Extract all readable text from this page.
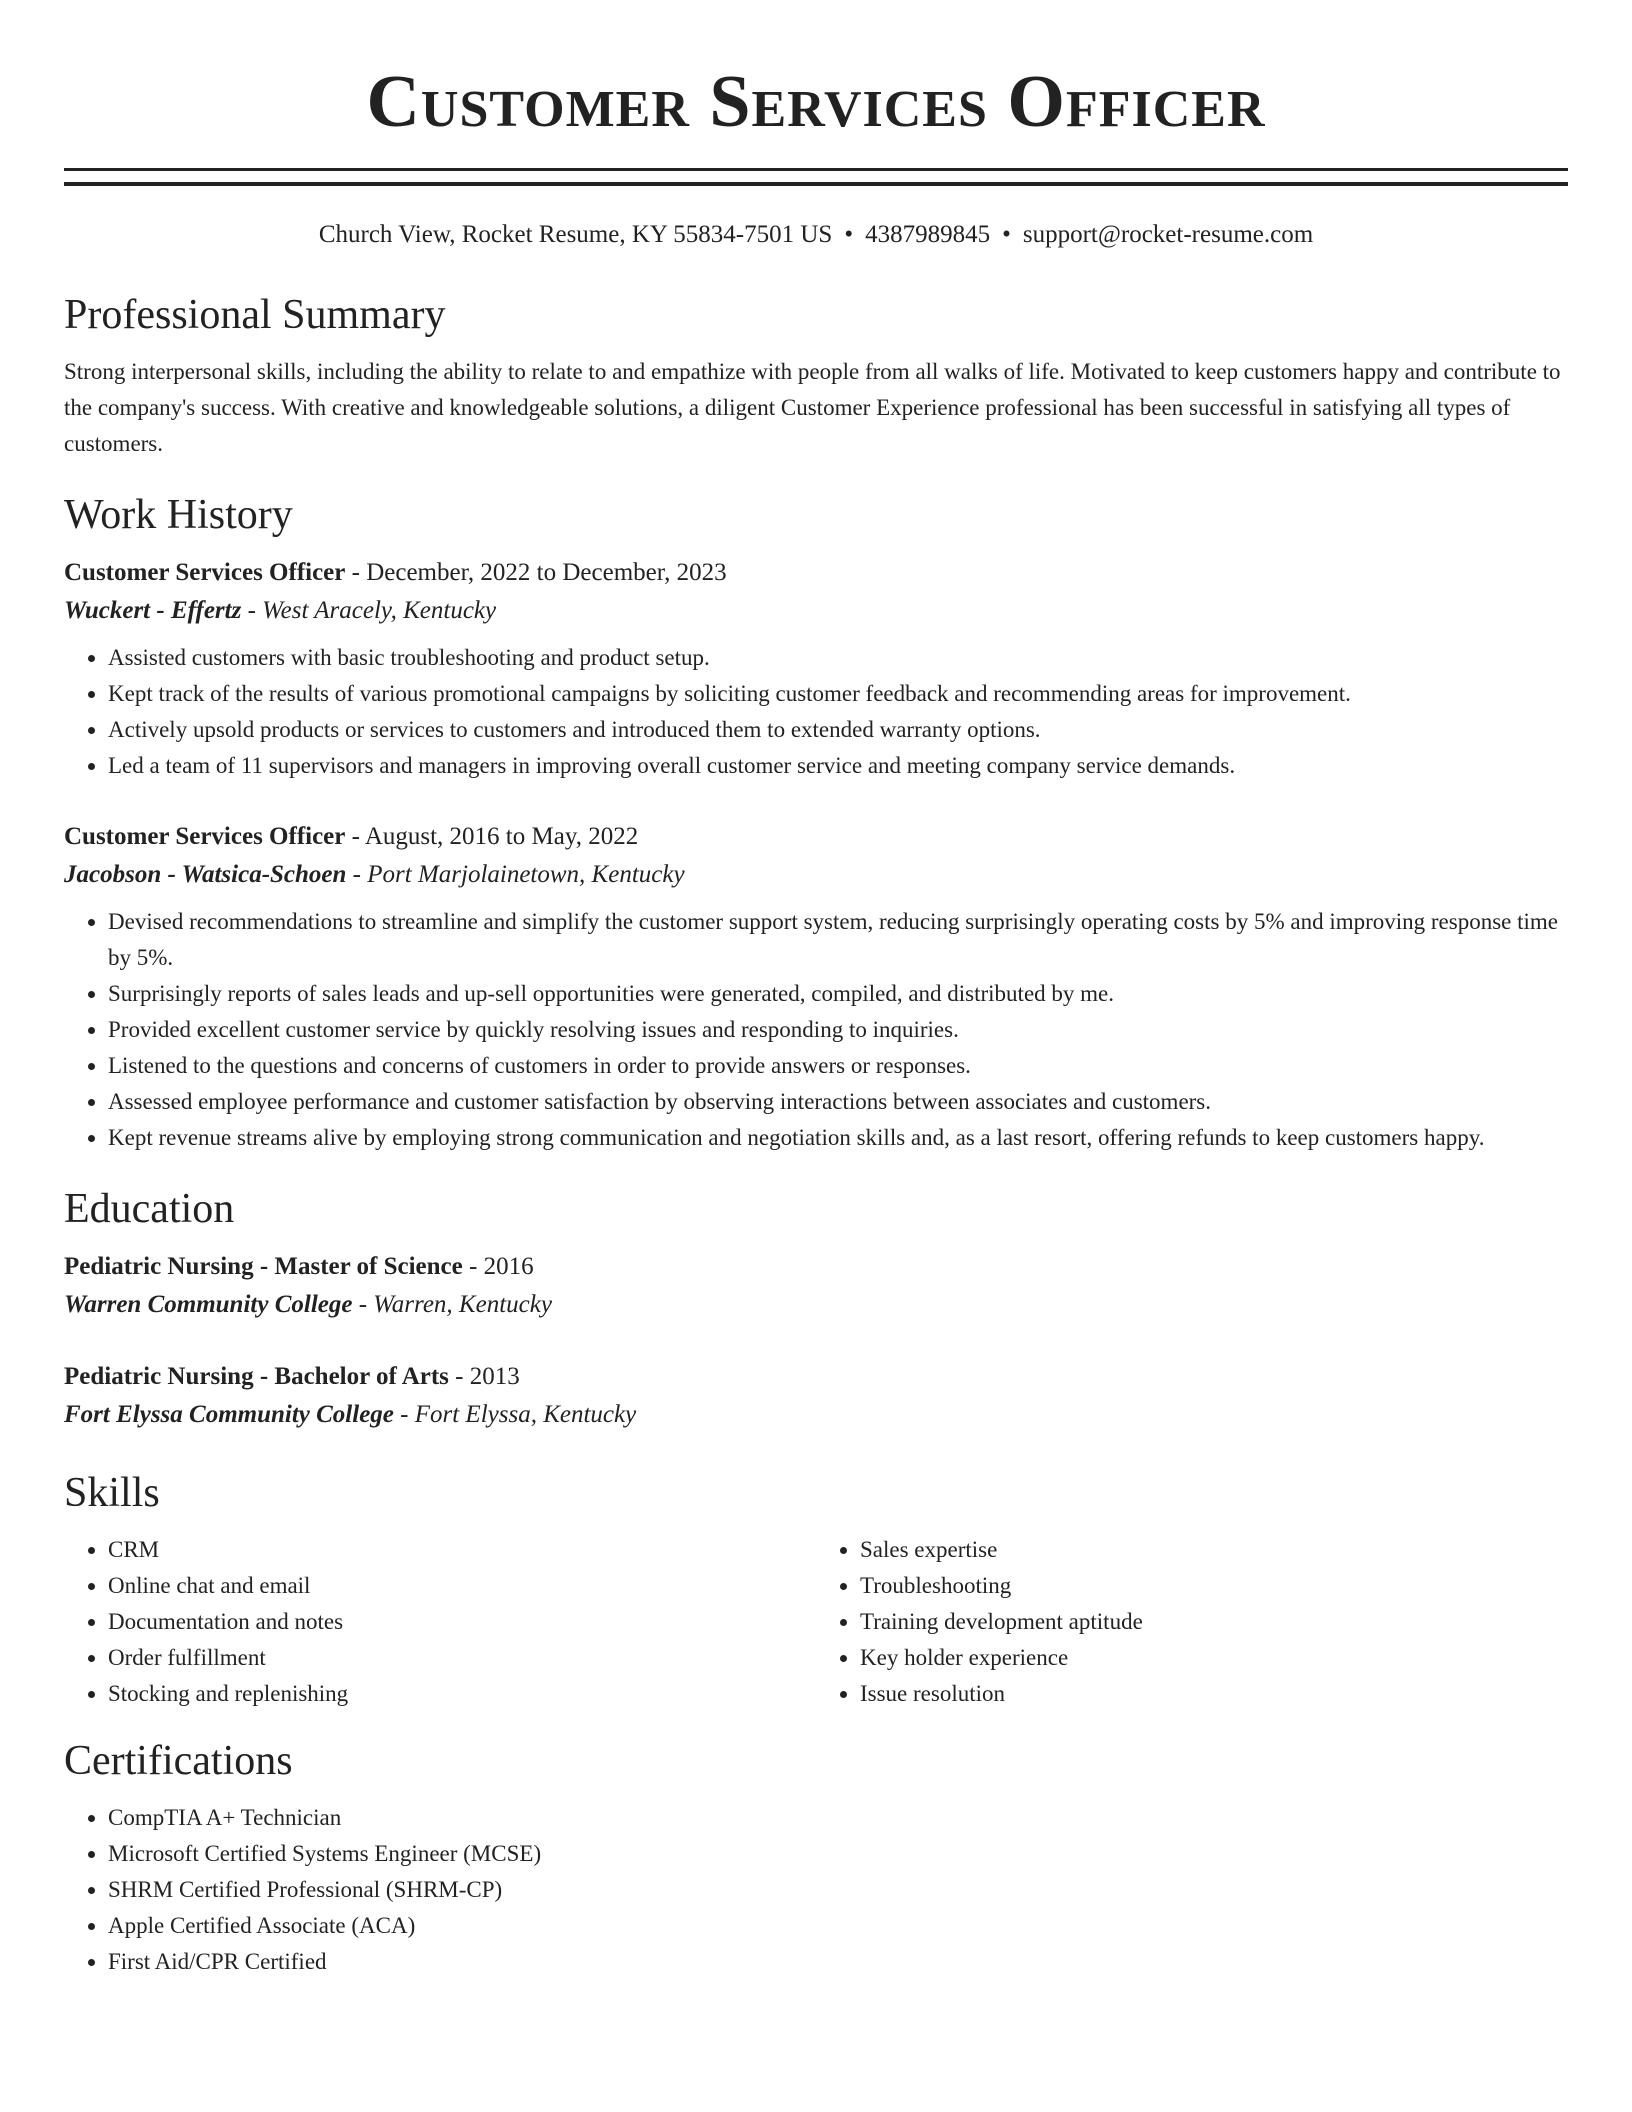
Customer Services Officer
Church View, Rocket Resume, KY 55834-7501 US • 4387989845 • support@rocket-resume.com
Professional Summary

Strong interpersonal skills, including the ability to relate to and empathize with people from all walks of life. Motivated to keep customers happy and contribute to the company's success. With creative and knowledgeable solutions, a diligent Customer Experience professional has been successful in satisfying all types of customers.

Work History
Customer Services Officer - December, 2022 to December, 2023
Wuckert - Effertz - West Aracely, Kentucky
• Assisted customers with basic troubleshooting and product setup.
• Kept track of the results of various promotional campaigns by soliciting customer feedback and recommending areas for improvement.
• Actively upsold products or services to customers and introduced them to extended warranty options.
• Led a team of 11 supervisors and managers in improving overall customer service and meeting company service demands.
Customer Services Officer - August, 2016 to May, 2022
Jacobson - Watsica-Schoen - Port Marjolainetown, Kentucky
• Devised recommendations to streamline and simplify the customer support system, reducing surprisingly operating costs by 5% and improving response time by 5%.
• Surprisingly reports of sales leads and up-sell opportunities were generated, compiled, and distributed by me.
• Provided excellent customer service by quickly resolving issues and responding to inquiries.
• Listened to the questions and concerns of customers in order to provide answers or responses.
• Assessed employee performance and customer satisfaction by observing interactions between associates and customers.
• Kept revenue streams alive by employing strong communication and negotiation skills and, as a last resort, offering refunds to keep customers happy.
Education
Pediatric Nursing - Master of Science - 2016
Warren Community College - Warren, Kentucky
Pediatric Nursing - Bachelor of Arts - 2013
Fort Elyssa Community College - Fort Elyssa, Kentucky
Skills
• CRM
• Online chat and email
• Documentation and notes
• Order fulfillment
• Stocking and replenishing
• Sales expertise
• Troubleshooting
• Training development aptitude
• Key holder experience
• Issue resolution
Certifications
• CompTIA A+ Technician
• Microsoft Certified Systems Engineer (MCSE)
• SHRM Certified Professional (SHRM-CP)
• Apple Certified Associate (ACA)
• First Aid/CPR Certified
